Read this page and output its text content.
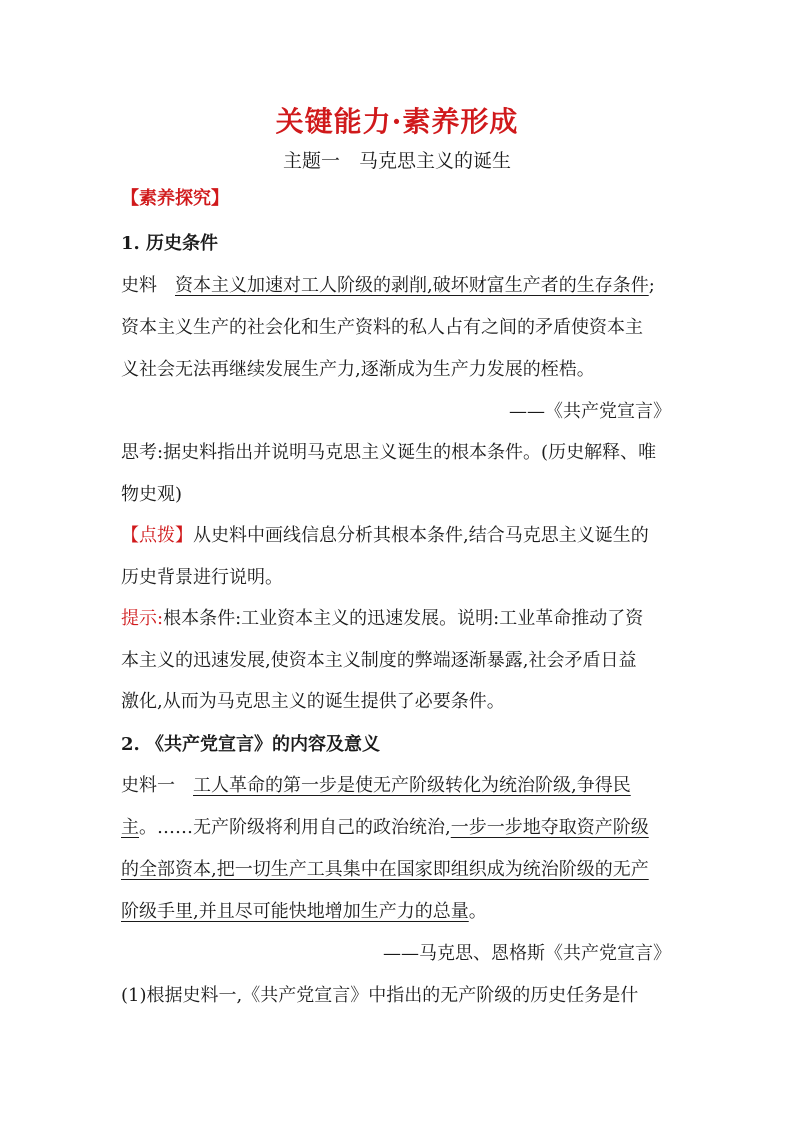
关键能力·素养形成
主题一　马克思主义的诞生
【素养探究】
1. 历史条件
史料 资本主义加速对工人阶级的剥削,破坏财富生产者的生存条件;
资本主义生产的社会化和生产资料的私人占有之间的矛盾使资本主
义社会无法再继续发展生产力,逐渐成为生产力发展的桎梏。
——《共产党宣言》
思考:据史料指出并说明马克思主义诞生的根本条件。(历史解释、唯
物史观)
【点拨】从史料中画线信息分析其根本条件,结合马克思主义诞生的
历史背景进行说明。
提示:根本条件:工业资本主义的迅速发展。说明:工业革命推动了资
本主义的迅速发展,使资本主义制度的弊端逐渐暴露,社会矛盾日益
激化,从而为马克思主义的诞生提供了必要条件。
2. 《共产党宣言》的内容及意义
史料一 工人革命的第一步是使无产阶级转化为统治阶级,争得民
主。……无产阶级将利用自己的政治统治,一步一步地夺取资产阶级
的全部资本,把一切生产工具集中在国家即组织成为统治阶级的无产
阶级手里,并且尽可能快地增加生产力的总量。
——马克思、恩格斯《共产党宣言》
(1)根据史料一,《共产党宣言》中指出的无产阶级的历史任务是什
